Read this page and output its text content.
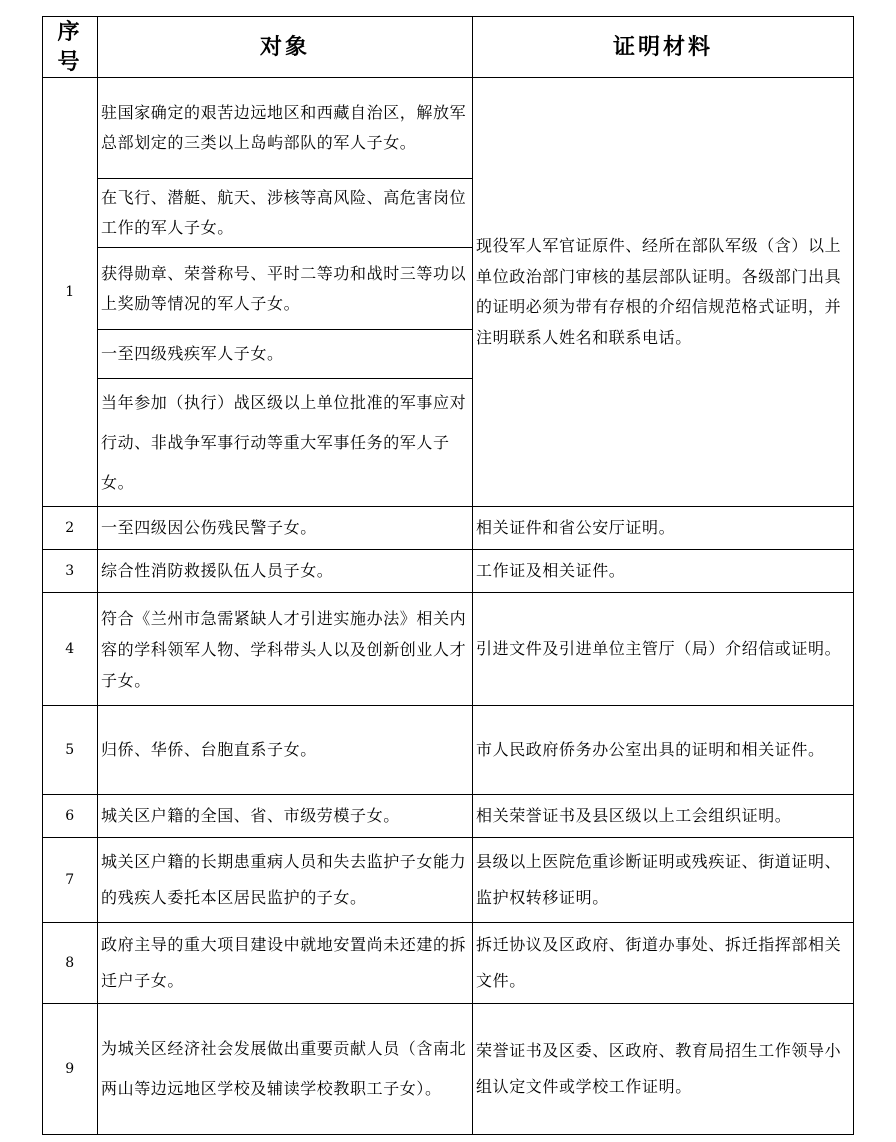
序号	对象	证明材料
1	驻国家确定的艰苦边远地区和西藏自治区，解放军总部划定的三类以上岛屿部队的军人子女。	现役军人军官证原件、经所在部队军级（含）以上单位政治部门审核的基层部队证明。各级部门出具的证明必须为带有存根的介绍信规范格式证明，并注明联系人姓名和联系电话。
	在飞行、潜艇、航天、涉核等高风险、高危害岗位工作的军人子女。	
	获得勋章、荣誉称号、平时二等功和战时三等功以上奖励等情况的军人子女。	
	一至四级残疾军人子女。	
	当年参加（执行）战区级以上单位批准的军事应对行动、非战争军事行动等重大军事任务的军人子女。	
2	一至四级因公伤残民警子女。	相关证件和省公安厅证明。
3	综合性消防救援队伍人员子女。	工作证及相关证件。
4	符合《兰州市急需紧缺人才引进实施办法》相关内容的学科领军人物、学科带头人以及创新创业人才子女。	引进文件及引进单位主管厅（局）介绍信或证明。
5	归侨、华侨、台胞直系子女。	市人民政府侨务办公室出具的证明和相关证件。
6	城关区户籍的全国、省、市级劳模子女。	相关荣誉证书及县区级以上工会组织证明。
7	城关区户籍的长期患重病人员和失去监护子女能力的残疾人委托本区居民监护的子女。	县级以上医院危重诊断证明或残疾证、街道证明、监护权转移证明。
8	政府主导的重大项目建设中就地安置尚未还建的拆迁户子女。	拆迁协议及区政府、街道办事处、拆迁指挥部相关文件。
9	为城关区经济社会发展做出重要贡献人员（含南北两山等边远地区学校及辅读学校教职工子女）。	荣誉证书及区委、区政府、教育局招生工作领导小组认定文件或学校工作证明。
